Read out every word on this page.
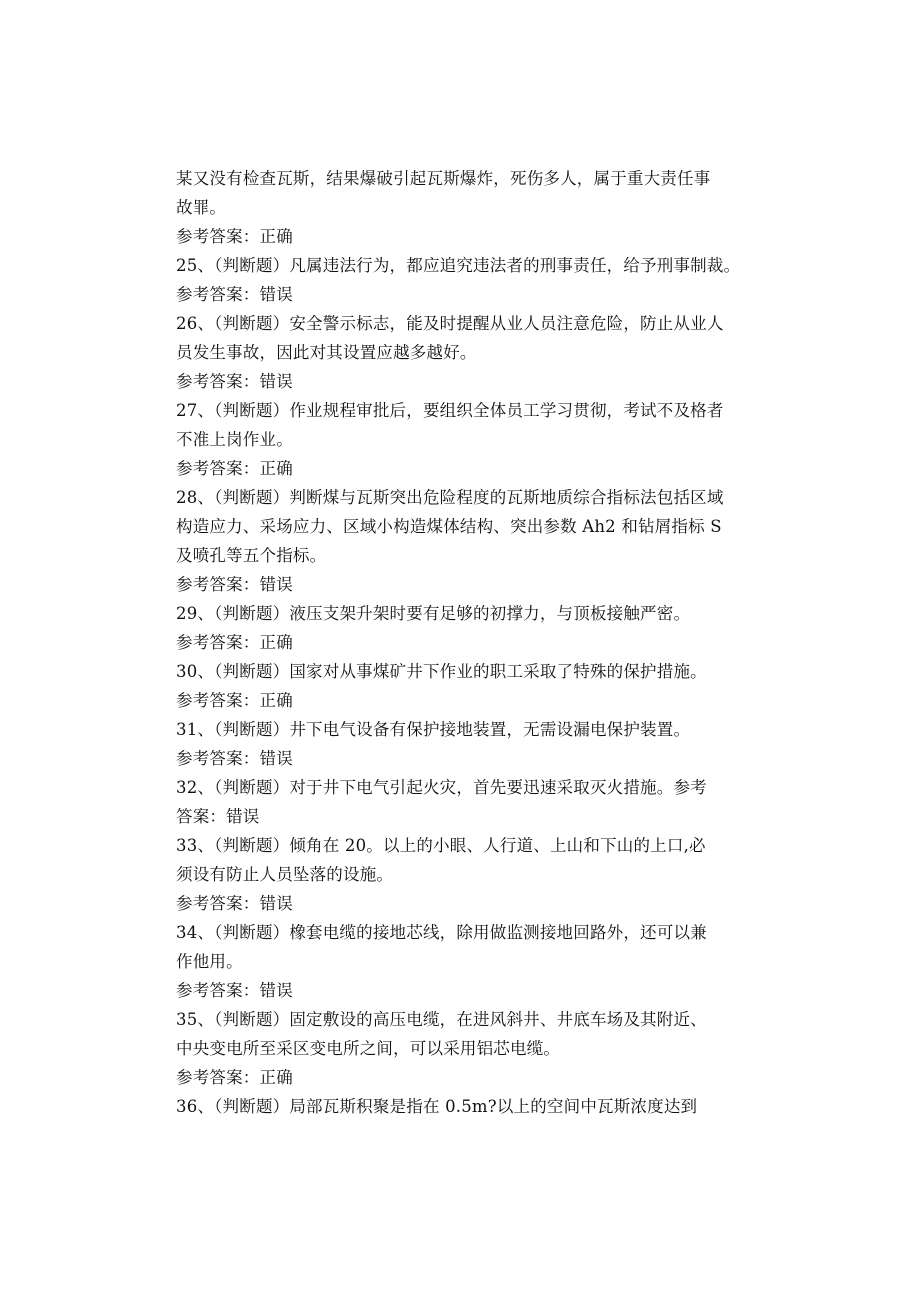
某又没有检查瓦斯，结果爆破引起瓦斯爆炸，死伤多人，属于重大责任事
故罪。
参考答案：正确
25、（判断题）凡属违法行为，都应追究违法者的刑事责任，给予刑事制裁。
参考答案：错误
26、（判断题）安全警示标志，能及时提醒从业人员注意危险，防止从业人
员发生事故，因此对其设置应越多越好。
参考答案：错误
27、（判断题）作业规程审批后，要组织全体员工学习贯彻，考试不及格者
不准上岗作业。
参考答案：正确
28、（判断题）判断煤与瓦斯突出危险程度的瓦斯地质综合指标法包括区域
构造应力、采场应力、区域小构造煤体结构、突出参数 Ah2 和钻屑指标 S
及喷孔等五个指标。
参考答案：错误
29、（判断题）液压支架升架时要有足够的初撑力，与顶板接触严密。
参考答案：正确
30、（判断题）国家对从事煤矿井下作业的职工采取了特殊的保护措施。
参考答案：正确
31、（判断题）井下电气设备有保护接地装置，无需设漏电保护装置。
参考答案：错误
32、（判断题）对于井下电气引起火灾，首先要迅速采取灭火措施。参考
答案：错误
33、（判断题）倾角在 20。以上的小眼、人行道、上山和下山的上口,必
须设有防止人员坠落的设施。
参考答案：错误
34、（判断题）橡套电缆的接地芯线，除用做监测接地回路外，还可以兼
作他用。
参考答案：错误
35、（判断题）固定敷设的高压电缆，在进风斜井、井底车场及其附近、
中央变电所至采区变电所之间，可以采用铝芯电缆。
参考答案：正确
36、（判断题）局部瓦斯积聚是指在 0.5m?以上的空间中瓦斯浓度达到
